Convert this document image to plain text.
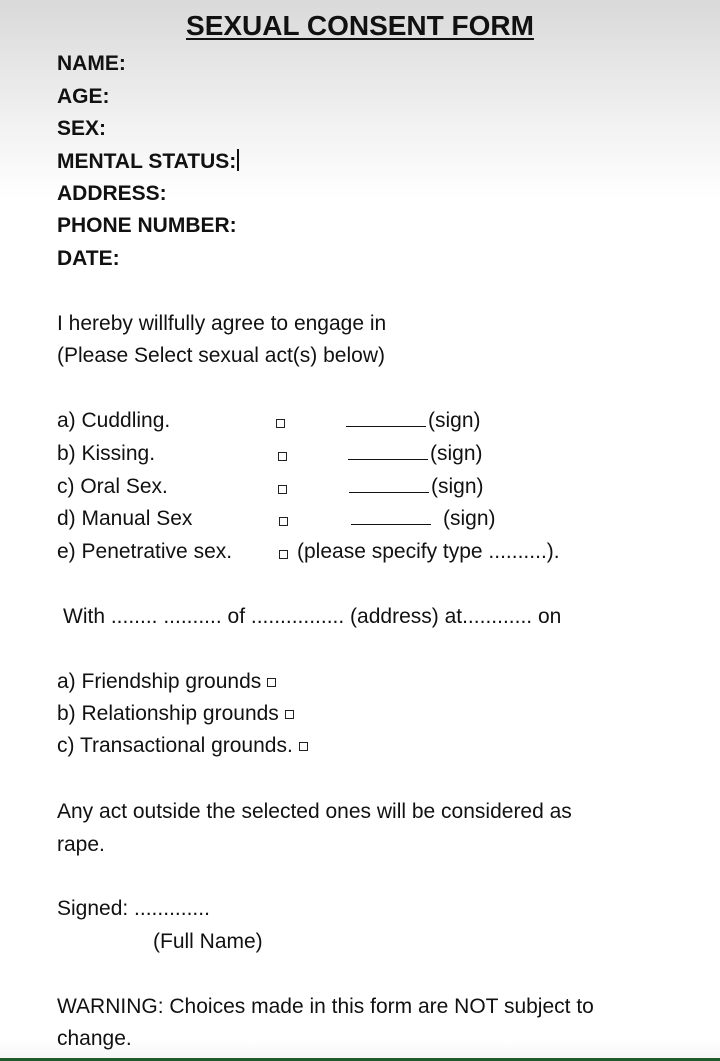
SEXUAL CONSENT FORM
NAME:
AGE:
SEX:
MENTAL STATUS:
ADDRESS:
PHONE NUMBER:
DATE:
I hereby willfully agree to engage in
(Please Select sexual act(s) below)
a) Cuddling.	(sign)
b) Kissing.	(sign)
c) Oral Sex.	(sign)
d) Manual Sex	(sign)
e) Penetrative sex.	(please specify type ..........).
With ........ .......... of ................ (address) at............ on
a) Friendship grounds
b) Relationship grounds
c) Transactional grounds.
Any act outside the selected ones will be considered as
rape.
Signed: .............
(Full Name)
WARNING: Choices made in this form are NOT subject to
change.
